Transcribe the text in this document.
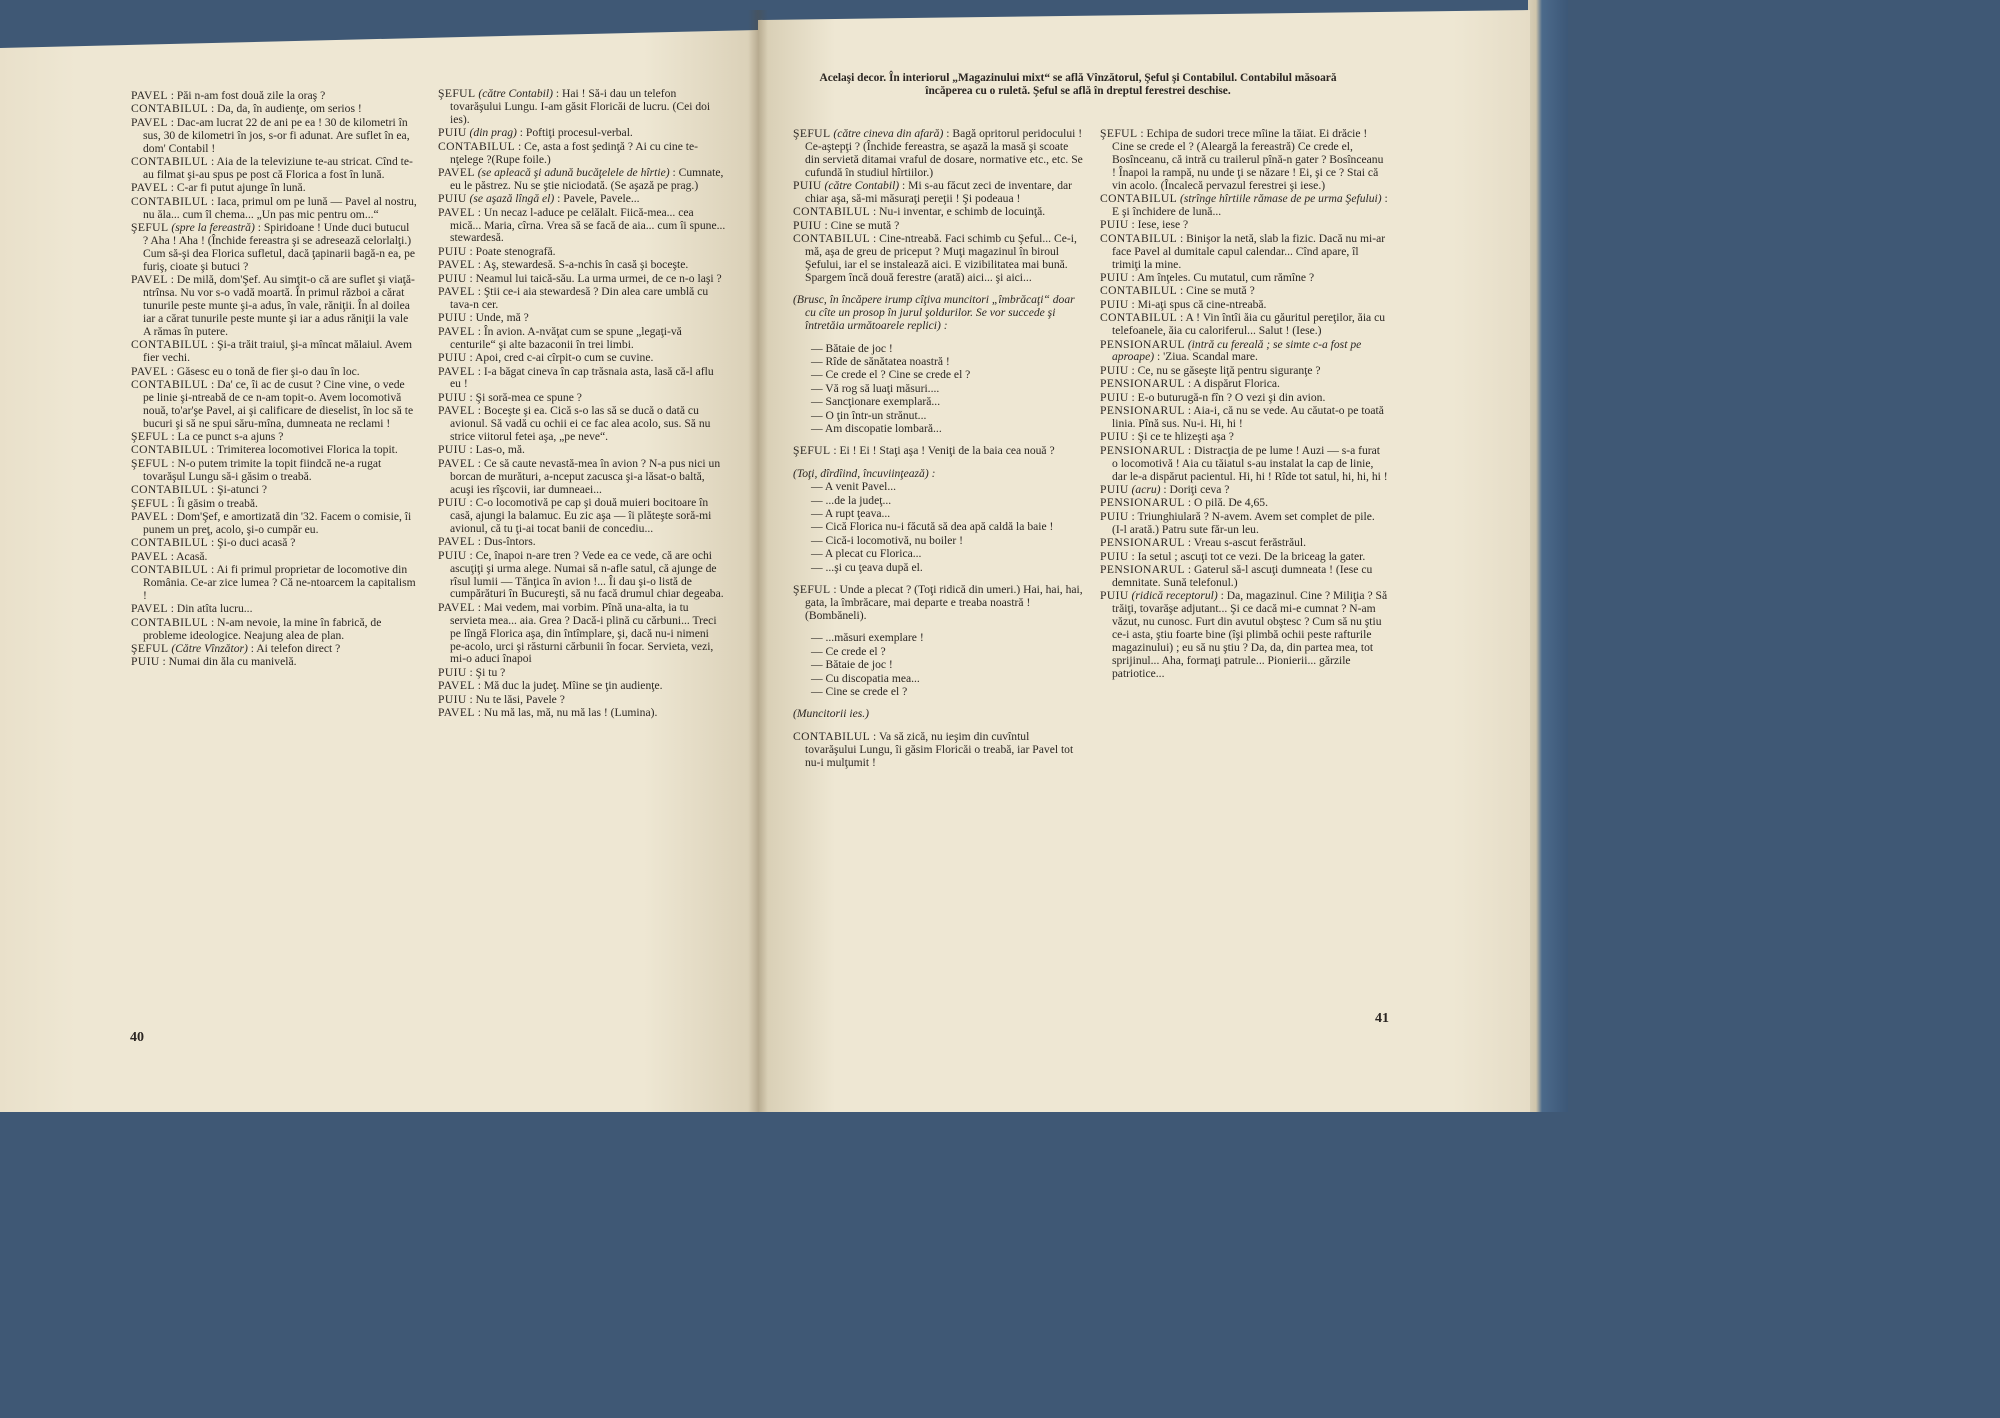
PAVEL : Păi n-am fost două zile la oraş ?

CONTABILUL : Da, da, în audienţe, om serios !

PAVEL : Dac-am lucrat 22 de ani pe ea ! 30 de kilometri în sus, 30 de kilometri în jos, s-or fi adunat. Are suflet în ea, dom' Contabil !

CONTABILUL : Aia de la televiziune te-au stricat. Cînd te-au filmat şi-au spus pe post că Florica a fost în lună.

PAVEL : C-ar fi putut ajunge în lună.

CONTABILUL : Iaca, primul om pe lună — Pavel al nostru, nu ăla... cum îl chema... „Un pas mic pentru om...“

ŞEFUL (spre la fereastră) : Spiridoane ! Unde duci butucul ? Aha ! Aha ! (Închide fereastra şi se adresează celorlalţi.) Cum să-şi dea Florica sufletul, dacă ţapinarii bagă-n ea, pe furiş, cioate şi butuci ?

PAVEL : De milă, dom'Şef. Au simţit-o că are suflet şi viaţă-ntrînsa. Nu vor s-o vadă moartă. În primul război a cărat tunurile peste munte şi-a adus, în vale, răniţii. În al doilea iar a cărat tunurile peste munte şi iar a adus răniţii la vale A rămas în putere.

CONTABILUL : Şi-a trăit traiul, şi-a mîncat mălaiul. Avem fier vechi.

PAVEL : Găsesc eu o tonă de fier şi-o dau în loc.

CONTABILUL : Da' ce, îi ac de cusut ? Cine vine, o vede pe linie şi-ntreabă de ce n-am topit-o. Avem locomotivă nouă, to'ar'şe Pavel, ai şi calificare de dieselist, în loc să te bucuri şi să ne spui săru-mîna, dumneata ne reclami !

ŞEFUL : La ce punct s-a ajuns ?

CONTABILUL : Trimiterea locomotivei Florica la topit.

ŞEFUL : N-o putem trimite la topit fiindcă ne-a rugat tovarăşul Lungu să-i găsim o treabă.

CONTABILUL : Şi-atunci ?

ŞEFUL : Îi găsim o treabă.

PAVEL : Dom'Şef, e amortizată din '32. Facem o comisie, îi punem un preţ, acolo, şi-o cumpăr eu.

CONTABILUL : Şi-o duci acasă ?

PAVEL : Acasă.

CONTABILUL : Ai fi primul proprietar de locomotive din România. Ce-ar zice lumea ? Că ne-ntoarcem la capitalism !

PAVEL : Din atîta lucru...

CONTABILUL : N-am nevoie, la mine în fabrică, de probleme ideologice. Neajung alea de plan.

ŞEFUL (Către Vînzător) : Ai telefon direct ?

PUIU : Numai din ăla cu manivelă.

ŞEFUL (către Contabil) : Hai ! Să-i dau un telefon tovarăşului Lungu. I-am găsit Floricăi de lucru. (Cei doi ies).

PUIU (din prag) : Poftiţi procesul-verbal.

CONTABILUL : Ce, asta a fost şedinţă ? Ai cu cine te-nţelege ?(Rupe foile.)

PAVEL (se apleacă şi adună bucăţelele de hîrtie) : Cumnate, eu le păstrez. Nu se ştie niciodată. (Se aşază pe prag.)

PUIU (se aşază lîngă el) : Pavele, Pavele...

PAVEL : Un necaz l-aduce pe celălalt. Fiică-mea... cea mică... Maria, cîrna. Vrea să se facă de aia... cum îi spune... stewardesă.

PUIU : Poate stenografă.

PAVEL : Aş, stewardesă. S-a-nchis în casă şi boceşte.

PUIU : Neamul lui taică-său. La urma urmei, de ce n-o laşi ?

PAVEL : Ştii ce-i aia stewardesă ? Din alea care umblă cu tava-n cer.

PUIU : Unde, mă ?

PAVEL : În avion. A-nvăţat cum se spune „legaţi-vă centurile“ şi alte bazaconii în trei limbi.

PUIU : Apoi, cred c-ai cîrpit-o cum se cuvine.

PAVEL : I-a băgat cineva în cap trăsnaia asta, lasă că-l aflu eu !

PUIU : Şi soră-mea ce spune ?

PAVEL : Boceşte şi ea. Cică s-o las să se ducă o dată cu avionul. Să vadă cu ochii ei ce fac alea acolo, sus. Să nu strice viitorul fetei aşa, „pe neve“.

PUIU : Las-o, mă.

PAVEL : Ce să caute nevastă-mea în avion ? N-a pus nici un borcan de murături, a-nceput zacusca şi-a lăsat-o baltă, acuşi ies rîşcovii, iar dumneaei...

PUIU : C-o locomotivă pe cap şi două muieri bocitoare în casă, ajungi la balamuc. Eu zic aşa — îi plăteşte soră-mi avionul, că tu ţi-ai tocat banii de concediu...

PAVEL : Dus-întors.

PUIU : Ce, înapoi n-are tren ? Vede ea ce vede, că are ochi ascuţiţi şi urma alege. Numai să n-afle satul, că ajunge de rîsul lumii — Tănţica în avion !... Îi dau şi-o listă de cumpărături în Bucureşti, să nu facă drumul chiar degeaba.

PAVEL : Mai vedem, mai vorbim. Pînă una-alta, ia tu servieta mea... aia. Grea ? Dacă-i plină cu cărbuni... Treci pe lîngă Florica aşa, din întîmplare, şi, dacă nu-i nimeni pe-acolo, urci şi răsturni cărbunii în focar. Servieta, vezi, mi-o aduci înapoi

PUIU : Şi tu ?

PAVEL : Mă duc la judeţ. Mîine se ţin audienţe.

PUIU : Nu te lăsi, Pavele ?

PAVEL : Nu mă las, mă, nu mă las ! (Lumina).

Acelaşi decor. În interiorul „Magazinului mixt“ se află Vînzătorul, Şeful şi Contabilul. Contabilul măsoară încăperea cu o ruletă. Şeful se află în dreptul ferestrei deschise.

ŞEFUL (către cineva din afară) : Bagă opritorul peridocului ! Ce-aştepţi ? (Închide fereastra, se aşază la masă şi scoate din servietă ditamai vraful de dosare, normative etc., etc. Se cufundă în studiul hîrtiilor.)

PUIU (către Contabil) : Mi s-au făcut zeci de inventare, dar chiar aşa, să-mi măsuraţi pereţii ! Şi podeaua !

CONTABILUL : Nu-i inventar, e schimb de locuinţă.

PUIU : Cine se mută ?

CONTABILUL : Cine-ntreabă. Faci schimb cu Şeful... Ce-i, mă, aşa de greu de priceput ? Muţi magazinul în biroul Şefului, iar el se instalează aici. E vizibilitatea mai bună. Spargem încă două ferestre (arată) aici... şi aici...

(Brusc, în încăpere irump cîţiva muncitori „îmbrăcaţi“ doar cu cîte un prosop în jurul şoldurilor. Se vor succede şi întretăia următoarele replici) :

— Bătaie de joc !

— Rîde de sănătatea noastră !

— Ce crede el ? Cine se crede el ?

— Vă rog să luaţi măsuri....

— Sancţionare exemplară...

— O ţin într-un strănut...

— Am discopatie lombară...

ŞEFUL : Ei ! Ei ! Staţi aşa ! Veniţi de la baia cea nouă ?

(Toţi, dîrdîind, încuviinţează) :

— A venit Pavel...

— ...de la judeţ...

— A rupt ţeava...

— Cică Florica nu-i făcută să dea apă caldă la baie !

— Cică-i locomotivă, nu boiler !

— A plecat cu Florica...

— ...şi cu ţeava după el.

ŞEFUL : Unde a plecat ? (Toţi ridică din umeri.) Hai, hai, hai, gata, la îmbrăcare, mai departe e treaba noastră ! (Bombăneli).

— ...măsuri exemplare !

— Ce crede el ?

— Bătaie de joc !

— Cu discopatia mea...

— Cine se crede el ?

(Muncitorii ies.)

CONTABILUL : Va să zică, nu ieşim din cuvîntul tovarăşului Lungu, îi găsim Floricăi o treabă, iar Pavel tot nu-i mulţumit !

ŞEFUL : Echipa de sudori trece mîine la tăiat. Ei drăcie ! Cine se crede el ? (Aleargă la fereastră) Ce crede el, Bosînceanu, că intră cu trailerul pînă-n gater ? Bosînceanu ! Înapoi la rampă, nu unde ţi se năzare ! Ei, şi ce ? Stai că vin acolo. (Încalecă pervazul ferestrei şi iese.)

CONTABILUL (strînge hîrtiile rămase de pe urma Şefului) : E şi închidere de lună...

PUIU : Iese, iese ?

CONTABILUL : Binişor la netă, slab la fizic. Dacă nu mi-ar face Pavel al dumitale capul calendar... Cînd apare, îl trimiţi la mine.

PUIU : Am înţeles. Cu mutatul, cum rămîne ?

CONTABILUL : Cine se mută ?

PUIU : Mi-aţi spus că cine-ntreabă.

CONTABILUL : A ! Vin întîi ăia cu găuritul pereţilor, ăia cu telefoanele, ăia cu caloriferul... Salut ! (Iese.)

PENSIONARUL (intră cu fereală ; se simte c-a fost pe aproape) : 'Ziua. Scandal mare.

PUIU : Ce, nu se găseşte liţă pentru siguranţe ?

PENSIONARUL : A dispărut Florica.

PUIU : E-o buturugă-n fîn ? O vezi şi din avion.

PENSIONARUL : Aia-i, că nu se vede. Au căutat-o pe toată linia. Pînă sus. Nu-i. Hi, hi !

PUIU : Şi ce te hlizeşti aşa ?

PENSIONARUL : Distracţia de pe lume ! Auzi — s-a furat o locomotivă ! Aia cu tăiatul s-au instalat la cap de linie, dar le-a dispărut pacientul. Hi, hi ! Rîde tot satul, hi, hi, hi !

PUIU (acru) : Doriţi ceva ?

PENSIONARUL : O pilă. De 4,65.

PUIU : Triunghiulară ? N-avem. Avem set complet de pile. (I-l arată.) Patru sute făr-un leu.

PENSIONARUL : Vreau s-ascut ferăstrăul.

PUIU : Ia setul ; ascuţi tot ce vezi. De la briceag la gater.

PENSIONARUL : Gaterul să-l ascuţi dumneata ! (Iese cu demnitate. Sună telefonul.)

PUIU (ridică receptorul) : Da, magazinul. Cine ? Miliţia ? Să trăiţi, tovarăşe adjutant... Şi ce dacă mi-e cumnat ? N-am văzut, nu cunosc. Furt din avutul obştesc ? Cum să nu ştiu ce-i asta, ştiu foarte bine (îşi plimbă ochii peste rafturile magazinului) ; eu să nu ştiu ? Da, da, din partea mea, tot sprijinul... Aha, formaţi patrule... Pionierii... gărzile patriotice...

40
41
